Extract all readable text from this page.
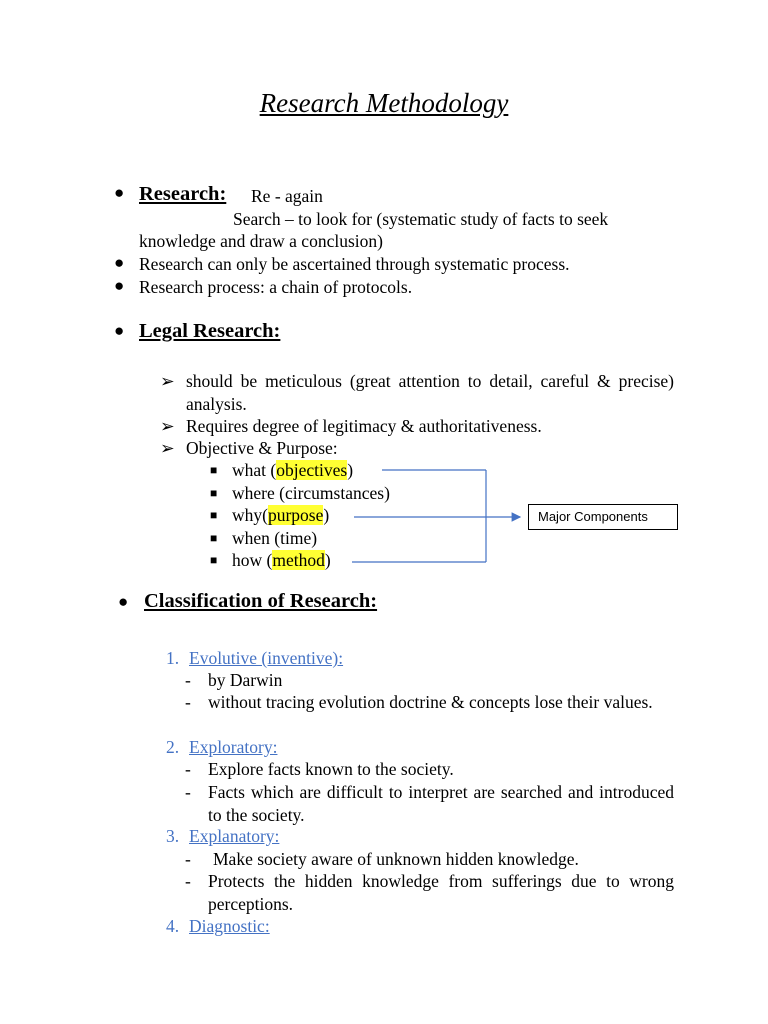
Research Methodology
● Research: Re - again
Search – to look for (systematic study of facts to seek
knowledge and draw a conclusion)
● Research can only be ascertained through systematic process.
● Research process: a chain of protocols.
● Legal Research:
➢ should be meticulous (great attention to detail, careful & precise) analysis.
➢ Requires degree of legitimacy & authoritativeness.
➢ Objective & Purpose:
■ what (objectives)
■ where (circumstances)
■ why(purpose)
■ when (time)
■ how (method)
Major Components
● Classification of Research:
1. Evolutive (inventive):
- by Darwin
- without tracing evolution doctrine & concepts lose their values.
2. Exploratory:
- Explore facts known to the society.
- Facts which are difficult to interpret are searched and introduced to the society.
3. Explanatory:
- Make society aware of unknown hidden knowledge.
- Protects the hidden knowledge from sufferings due to wrong perceptions.
4. Diagnostic:
